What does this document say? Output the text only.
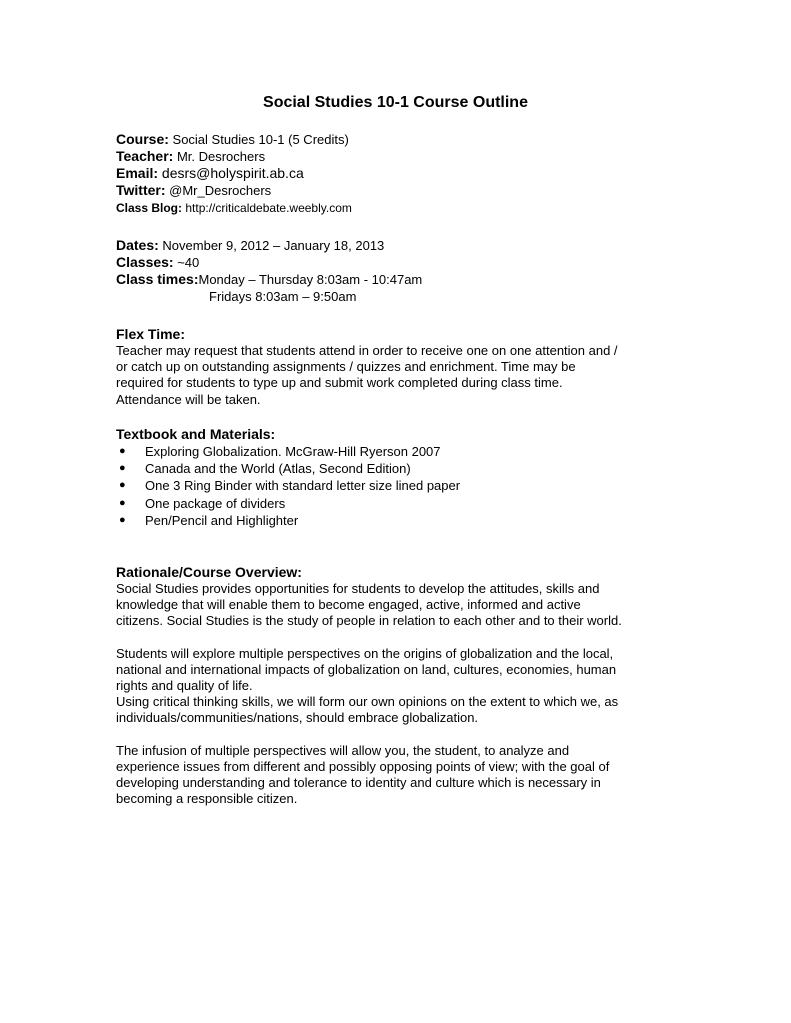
Social Studies 10-1 Course Outline
Course: Social Studies 10-1 (5 Credits)
Teacher: Mr. Desrochers
Email: desrs@holyspirit.ab.ca
Twitter: @Mr_Desrochers
Class Blog: http://criticaldebate.weebly.com
Dates: November 9, 2012 – January 18, 2013
Classes: ~40
Class times:Monday – Thursday 8:03am - 10:47am
Fridays 8:03am – 9:50am
Flex Time:

Teacher may request that students attend in order to receive one on one attention and /
or catch up on outstanding assignments / quizzes and enrichment. Time may be
required for students to type up and submit work completed during class time.
Attendance will be taken.

Textbook and Materials:
● Exploring Globalization. McGraw-Hill Ryerson 2007
● Canada and the World (Atlas, Second Edition)
● One 3 Ring Binder with standard letter size lined paper
● One package of dividers
● Pen/Pencil and Highlighter
Rationale/Course Overview:

Social Studies provides opportunities for students to develop the attitudes, skills and
knowledge that will enable them to become engaged, active, informed and active
citizens. Social Studies is the study of people in relation to each other and to their world.

Students will explore multiple perspectives on the origins of globalization and the local,
national and international impacts of globalization on land, cultures, economies, human
rights and quality of life.
Using critical thinking skills, we will form our own opinions on the extent to which we, as
individuals/communities/nations, should embrace globalization.

The infusion of multiple perspectives will allow you, the student, to analyze and
experience issues from different and possibly opposing points of view; with the goal of
developing understanding and tolerance to identity and culture which is necessary in
becoming a responsible citizen.
